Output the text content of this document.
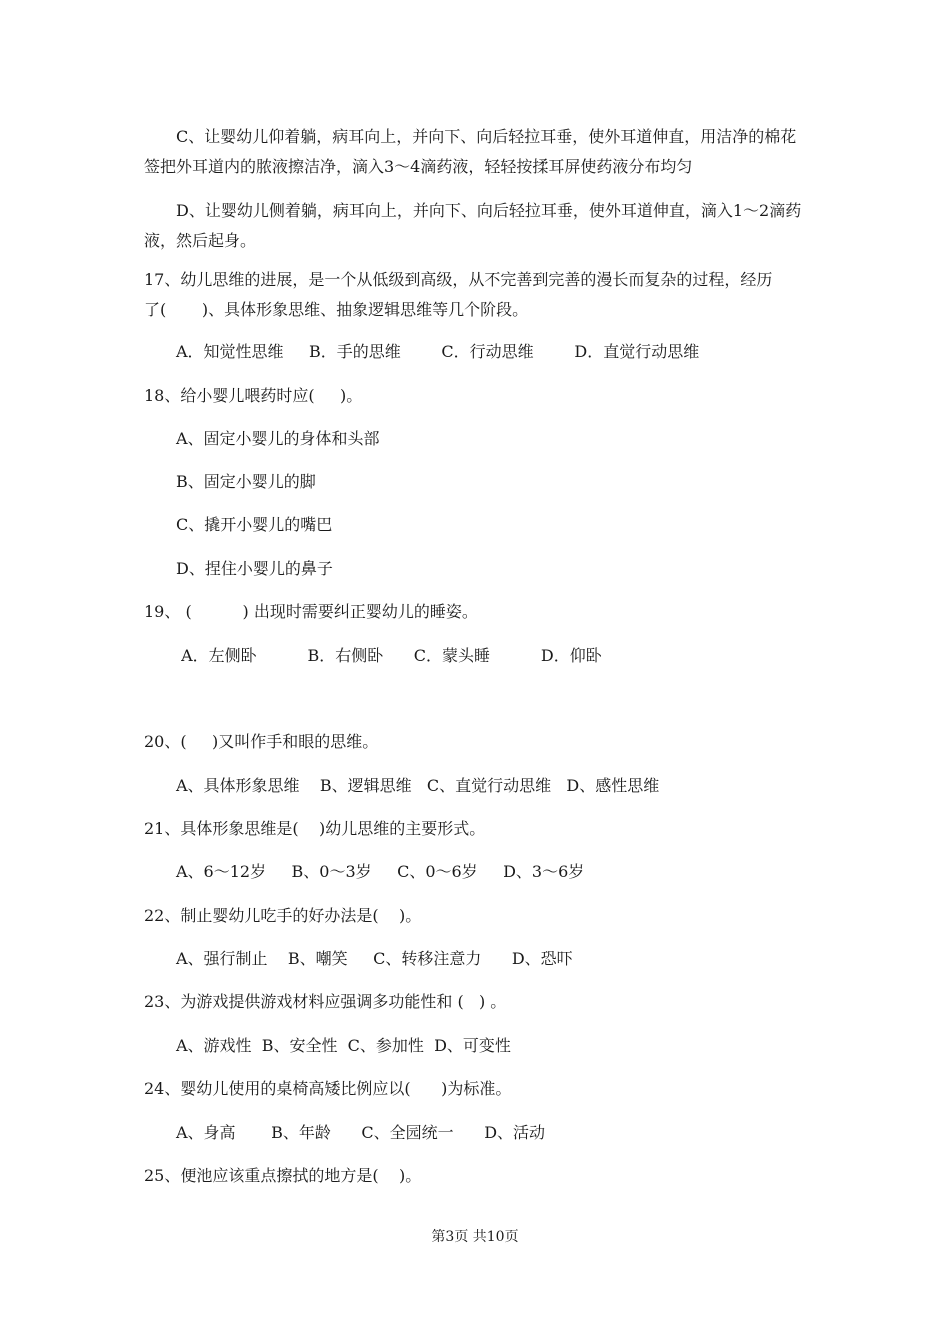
C、让婴幼儿仰着躺，病耳向上，并向下、向后轻拉耳垂，使外耳道伸直，用洁净的棉花签把外耳道内的脓液擦洁净，滴入3～4滴药液，轻轻按揉耳屏使药液分布均匀
D、让婴幼儿侧着躺，病耳向上，并向下、向后轻拉耳垂，使外耳道伸直，滴入1～2滴药液，然后起身。
17、幼儿思维的进展，是一个从低级到高级，从不完善到完善的漫长而复杂的过程，经历
了(       )、具体形象思维、抽象逻辑思维等几个阶段。
A．知觉性思维     B．手的思维        C．行动思维        D．直觉行动思维
18、给小婴儿喂药时应(     )。
A、固定小婴儿的身体和头部
B、固定小婴儿的脚
C、撬开小婴儿的嘴巴
D、捏住小婴儿的鼻子
19、 (          ) 出现时需要纠正婴幼儿的睡姿。
A．左侧卧          B．右侧卧      C．蒙头睡          D．仰卧
20、(     )又叫作手和眼的思维。
A、具体形象思维    B、逻辑思维   C、直觉行动思维   D、感性思维
21、具体形象思维是(    )幼儿思维的主要形式。
A、6～12岁     B、0～3岁     C、0～6岁     D、3～6岁
22、制止婴幼儿吃手的好办法是(    )。
A、强行制止    B、嘲笑     C、转移注意力      D、恐吓
23、为游戏提供游戏材料应强调多功能性和 (   ) 。
A、游戏性  B、安全性  C、参加性  D、可变性
24、婴幼儿使用的桌椅高矮比例应以(      )为标准。
A、身高       B、年龄      C、全园统一      D、活动
25、便池应该重点擦拭的地方是(    )。
第3页 共10页
